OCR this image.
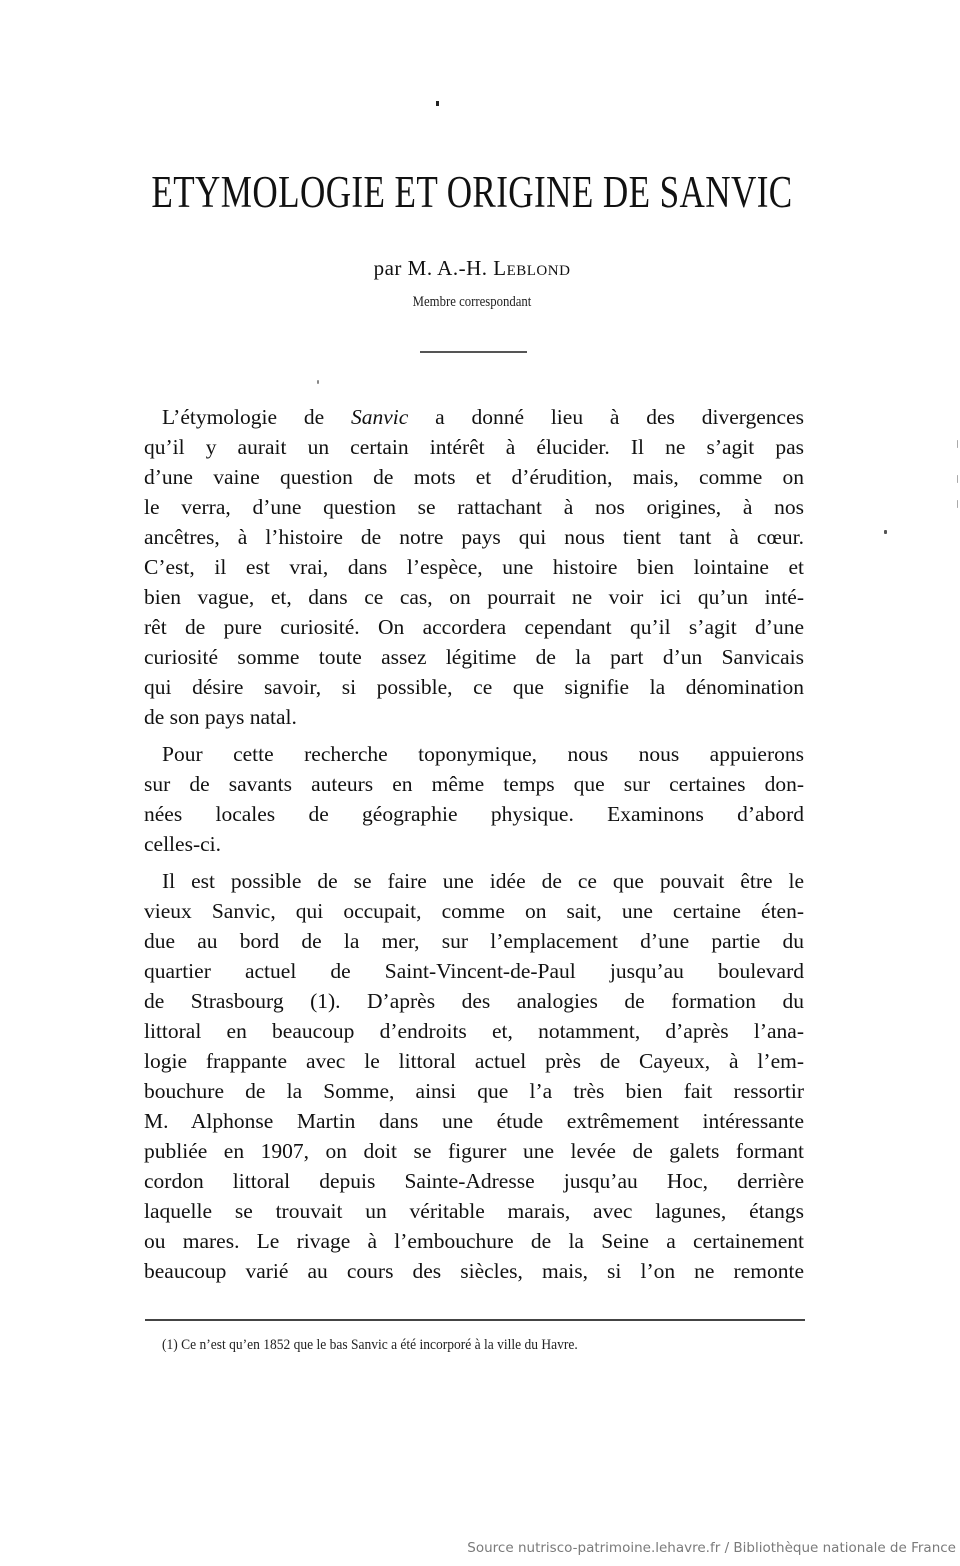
ETYMOLOGIE ET ORIGINE DE SANVIC
par M. A.-H. Leblond
Membre correspondant

L’étymologie de Sanvic a donné lieu à des divergences
qu’il y aurait un certain intérêt à élucider. Il ne s’agit pas
d’une vaine question de mots et d’érudition, mais, comme on
le verra, d’une question se rattachant à nos origines, à nos
ancêtres, à l’histoire de notre pays qui nous tient tant à cœur.
C’est, il est vrai, dans l’espèce, une histoire bien lointaine et
bien vague, et, dans ce cas, on pourrait ne voir ici qu’un inté-
rêt de pure curiosité. On accordera cependant qu’il s’agit d’une
curiosité somme toute assez légitime de la part d’un Sanvicais
qui désire savoir, si possible, ce que signifie la dénomination
de son pays natal.

Pour cette recherche toponymique, nous nous appuierons
sur de savants auteurs en même temps que sur certaines don-
nées locales de géographie physique. Examinons d’abord
celles-ci.

Il est possible de se faire une idée de ce que pouvait être le
vieux Sanvic, qui occupait, comme on sait, une certaine éten-
due au bord de la mer, sur l’emplacement d’une partie du
quartier actuel de Saint-Vincent-de-Paul jusqu’au boulevard
de Strasbourg (1). D’après des analogies de formation du
littoral en beaucoup d’endroits et, notamment, d’après l’ana-
logie frappante avec le littoral actuel près de Cayeux, à l’em-
bouchure de la Somme, ainsi que l’a très bien fait ressortir
M. Alphonse Martin dans une étude extrêmement intéressante
publiée en 1907, on doit se figurer une levée de galets formant
cordon littoral depuis Sainte-Adresse jusqu’au Hoc, derrière
laquelle se trouvait un véritable marais, avec lagunes, étangs
ou mares. Le rivage à l’embouchure de la Seine a certainement
beaucoup varié au cours des siècles, mais, si l’on ne remonte

(1) Ce n’est qu’en 1852 que le bas Sanvic a été incorporé à la ville du Havre.
Source nutrisco-patrimoine.lehavre.fr / Bibliothèque nationale de France
